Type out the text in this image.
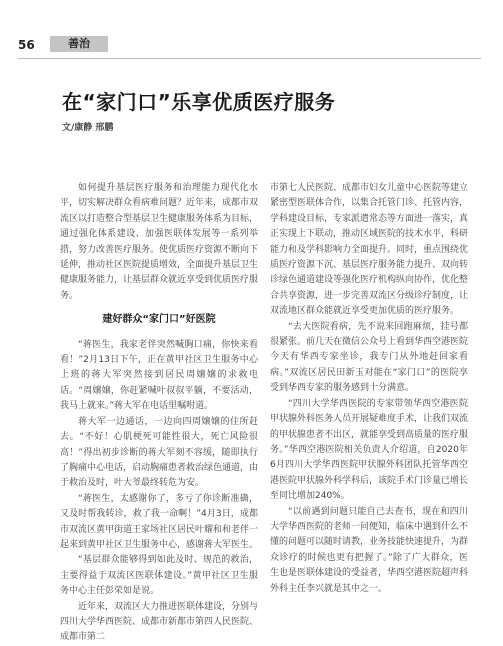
56	善治
在“家门口”乐享优质医疗服务
文/康静 邢鹏

如何提升基层医疗服务和治理能力现代化水平，切实解决群众看病难问题？近年来，成都市双流区以打造整合型基层卫生健康服务体系为目标，通过强化体系建设、加强医联体发展等一系列举措，努力改善医疗服务。使优质医疗资源不断向下延伸，推动社区医院提质增效，全面提升基层卫生健康服务能力，让基层群众就近享受到优质医疗服务。

建好群众“家门口”好医院

“蒋医生，我家老伴突然喊胸口痛，你快来看看！”2月13日下午，正在黄甲社区卫生服务中心上班的蒋大军突然接到居民周嬢嬢的求救电话。“周嬢嬢，你赶紧喊叶叔叔平躺，不要活动，我马上就来。”蒋大军在电话里嘱咐道。

蒋大军一边通话，一边向四周嬢嬢的住所赶去。“不好！心肌梗死可能性很大，死亡风险很高！”得出初步诊断的蒋大军刻不容缓，随即执行了胸痛中心电话，启动胸痛患者救治绿色通道，由于救治及时，叶大爷最终转危为安。

“蒋医生，太感谢你了，多亏了你诊断准确，又及时帮我转诊，救了我一命啊！”4月3日，成都市双流区黄甲街道王家场社区居民叶耀和和老伴一起来到黄甲社区卫生服务中心，感谢蒋大军医生。

“基层群众能够得到如此及时、规范的救治，主要得益于双流区医联体建设。”黄甲社区卫生服务中心主任彭荣如是说。

近年来，双流区大力推进医联体建设，分别与四川大学华西医院、成都市新都市第四人民医院、成都市第二

市第七人民医院、成都市妇女儿童中心医院等建立紧密型医联体合作，以集合托管门诊、托管内容，学科建设目标，专家派遣常态等方面进一落实，真正实现上下联动，推动区域医院的技术水平，科研能力和及学科影响力全面提升。同时，重点围绕优质医疗资源下沉、基层医疗服务能力提升、双向转诊绿色通道建设等强化医疗机构纵向协作，优化整合共享资源，进一步完善双流区分级诊疗制度，让双流地区群众能就近享受更加优质的医疗服务。

“去大医院看病，先不说来回跑麻烦，挂号都很紧张。前几天在微信公众号上看到华西空港医院今天有华西专家坐诊，我专门从外地赶回家看病。”双流区居民田新玉对能在“家门口”的医院享受到华西专家的服务感到十分满意。

“四川大学华西医院的专家带领华西空港医院甲状腺外科医务人员开展疑难度手术，让我们双流的甲状腺患者不出区，就能享受到高质量的医疗服务。”华西空港医院相关负责人介绍道，自2020年6月四川大学华西医院甲状腺外科团队托管华西空港医院甲状腺外科学科后，该院手术门诊量已增长至同比增加240%。

“以前遇到问题只能自己去查书，现在和四川大学华西医院的老师一问便知，临床中遇到什么不懂的问题可以随时请教，业务技能快速提升，为群众诊疗的时候也更有把握了。”除了广大群众，医生也是医联体建设的受益者，华西空港医院超声科外科主任李兴就是其中之一。
